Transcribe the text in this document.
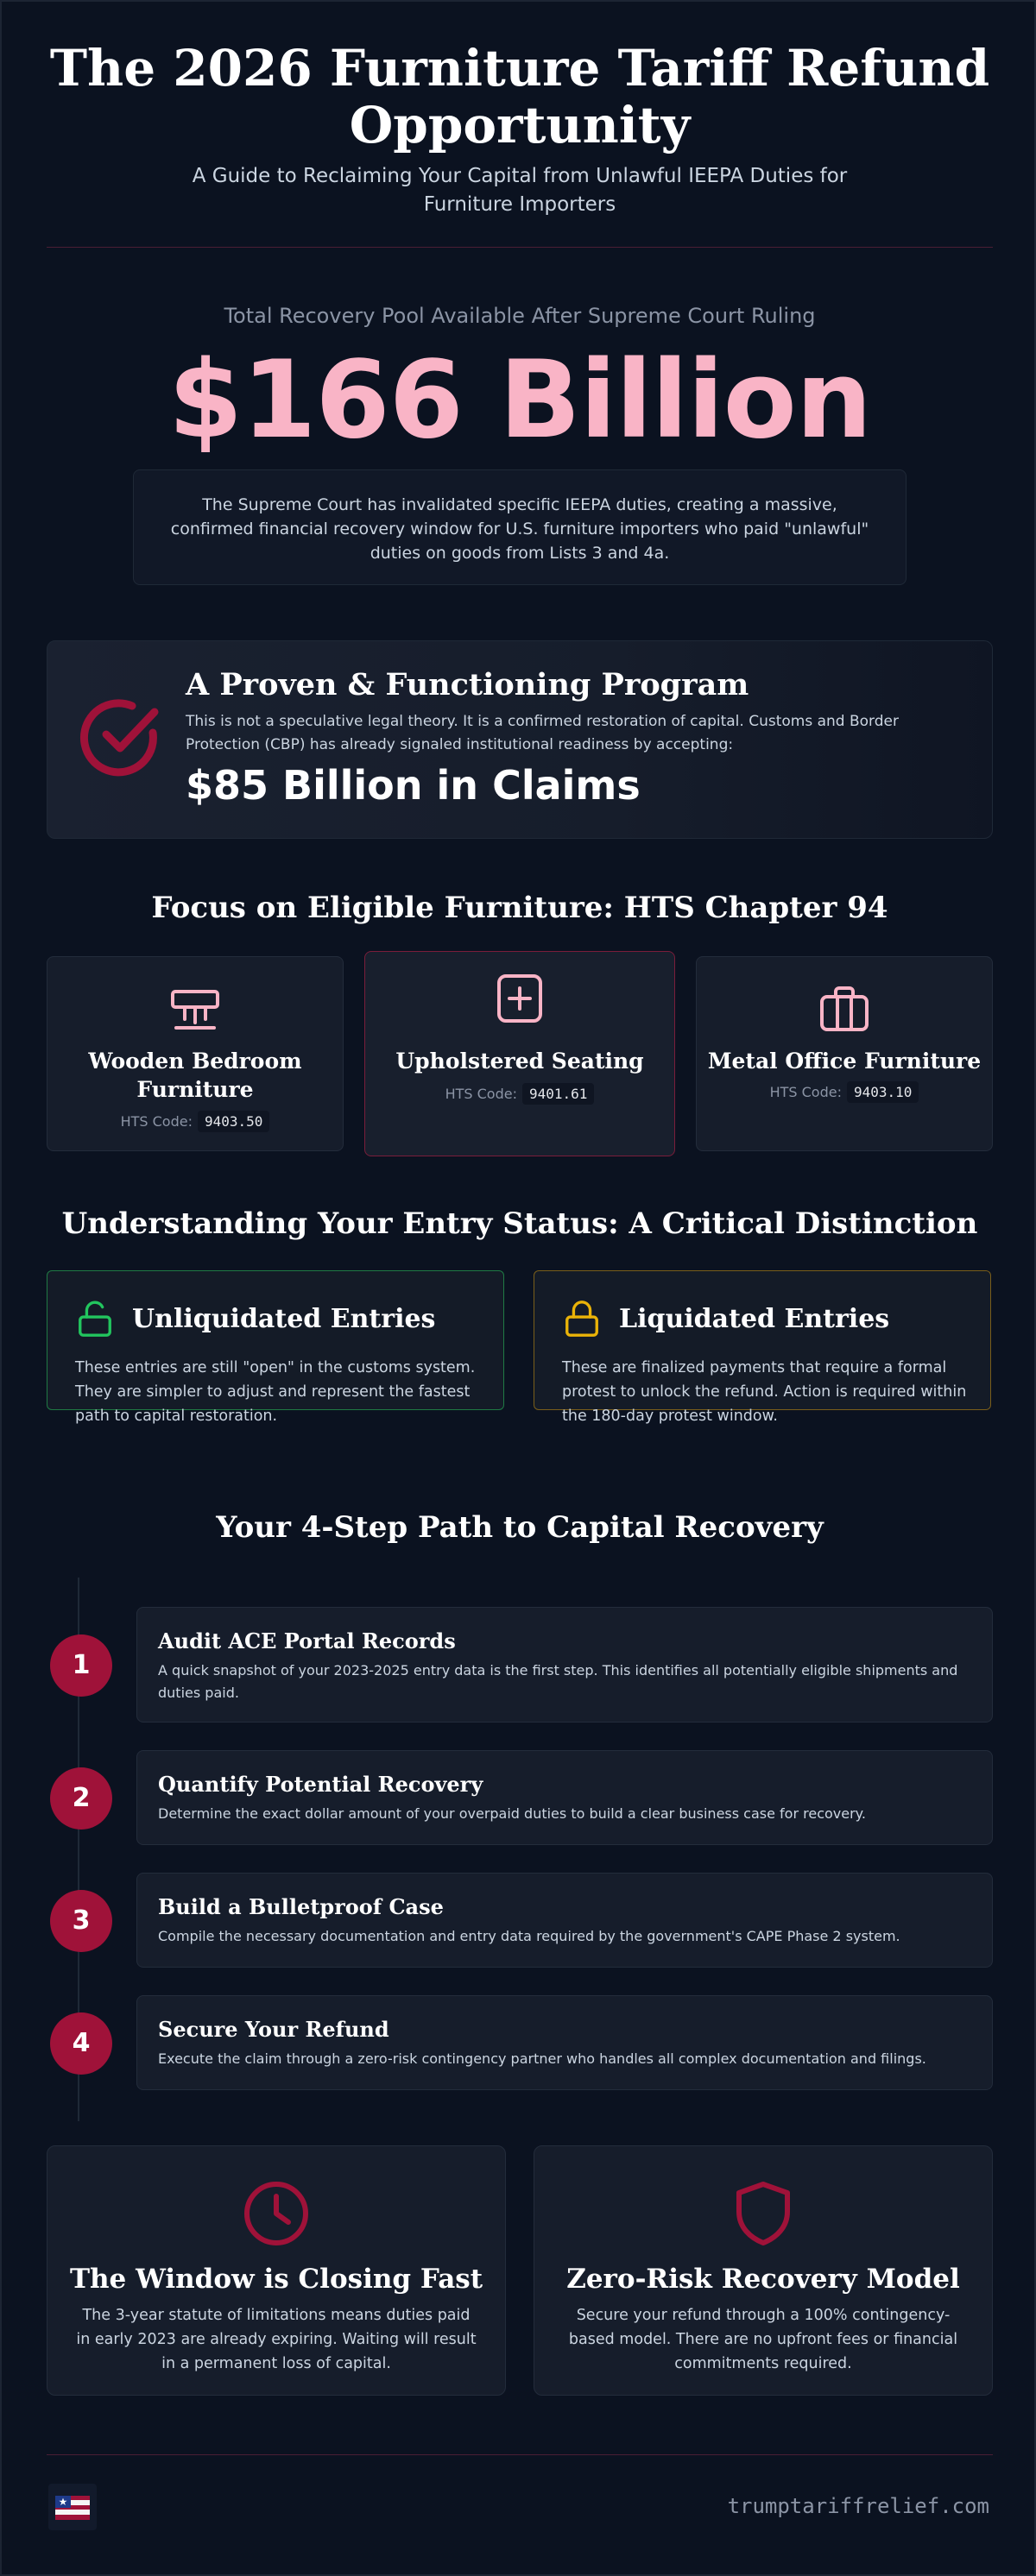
The 2026 Furniture Tariff Refund Opportunity

A Guide to Reclaiming Your Capital from Unlawful IEEPA Duties for Furniture Importers

Total Recovery Pool Available After Supreme Court Ruling
$166 Billion
The Supreme Court has invalidated specific IEEPA duties, creating a massive, confirmed financial recovery window for U.S. furniture importers who paid "unlawful" duties on goods from Lists 3 and 4a.
A Proven & Functioning Program
This is not a speculative legal theory. It is a confirmed restoration of capital. Customs and Border Protection (CBP) has already signaled institutional readiness by accepting:
$85 Billion in Claims
Focus on Eligible Furniture: HTS Chapter 94
Wooden Bedroom Furniture
HTS Code: 9403.50
Upholstered Seating
HTS Code: 9401.61
Metal Office Furniture
HTS Code: 9403.10
Understanding Your Entry Status: A Critical Distinction
Unliquidated Entries
These entries are still "open" in the customs system. They are simpler to adjust and represent the fastest path to capital restoration.
Liquidated Entries
These are finalized payments that require a formal protest to unlock the refund. Action is required within the 180-day protest window.
Your 4-Step Path to Capital Recovery
1
Audit ACE Portal Records
A quick snapshot of your 2023-2025 entry data is the first step. This identifies all potentially eligible shipments and duties paid.
2	Quantify Potential Recovery
Determine the exact dollar amount of your overpaid duties to build a clear business case for recovery.
3	Build a Bulletproof Case
Compile the necessary documentation and entry data required by the government's CAPE Phase 2 system.
4	Secure Your Refund
Execute the claim through a zero-risk contingency partner who handles all complex documentation and filings.
The Window is Closing Fast
The 3-year statute of limitations means duties paid in early 2023 are already expiring. Waiting will result in a permanent loss of capital.
Zero-Risk Recovery Model
Secure your refund through a 100% contingency-based model. There are no upfront fees or financial commitments required.
trumptariffrelief.com
